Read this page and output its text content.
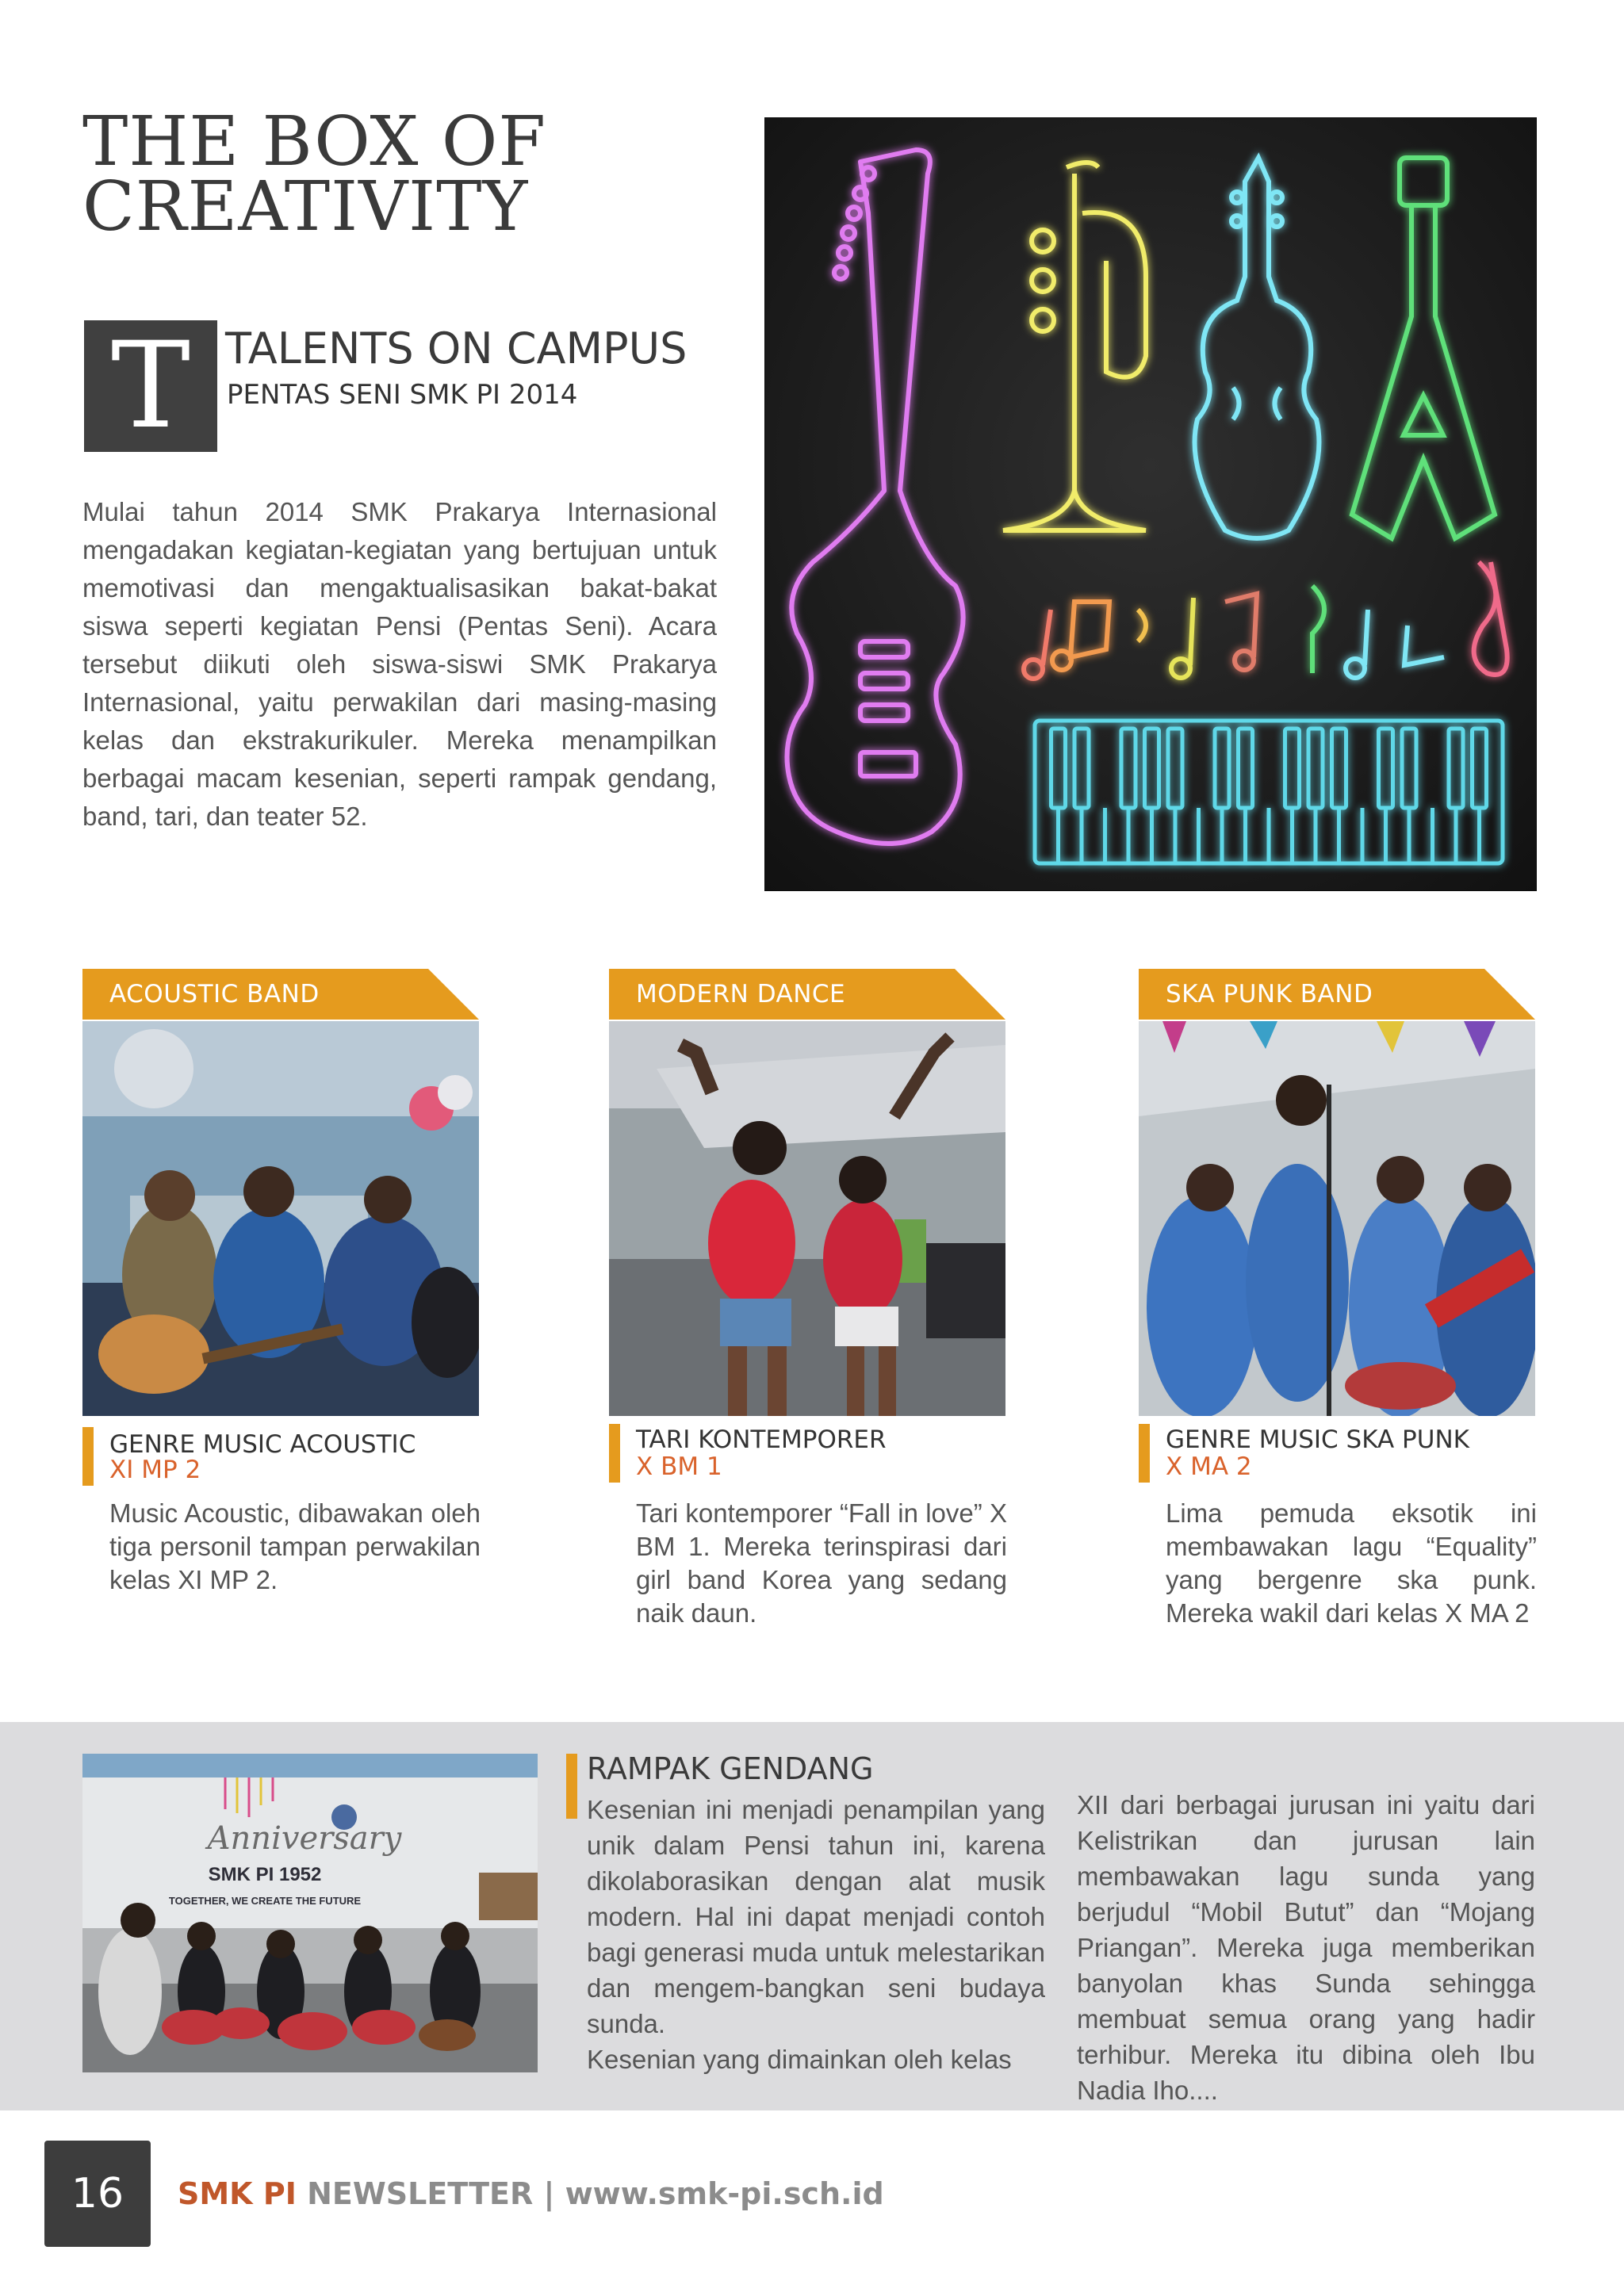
THE BOX OF
CREATIVITY
T TALENTS ON CAMPUS
PENTAS SENI SMK PI 2014

Mulai tahun 2014 SMK Prakarya Internasional mengadakan kegiatan-kegiatan yang bertujuan untuk memotivasi dan mengaktualisasikan bakat-bakat siswa seperti kegiatan Pensi (Pentas Seni). Acara tersebut diikuti oleh siswa-siswi SMK Prakarya Internasional, yaitu perwakilan dari masing-masing kelas dan ekstrakurikuler. Mereka menampilkan berbagai macam kesenian, seperti rampak gendang, band, tari, dan teater 52.

ACOUSTIC BAND
GENRE MUSIC ACOUSTIC
XI MP 2

Music Acoustic, dibawakan oleh tiga personil tampan perwakilan kelas XI MP 2.

MODERN DANCE
TARI KONTEMPORER
X BM 1

Tari kontemporer “Fall in love” X BM 1. Mereka terinspirasi dari girl band Korea yang sedang naik daun.

SKA PUNK BAND
GENRE MUSIC SKA PUNK
X MA 2

Lima pemuda eksotik ini membawakan lagu “Equality” yang bergenre ska punk. Mereka wakil dari kelas X MA 2

Anniversary
SMK PI 1952
TOGETHER, WE CREATE THE FUTURE
RAMPAK GENDANG

Kesenian ini menjadi penampilan yang unik dalam Pensi tahun ini, karena dikolaborasikan dengan alat musik modern. Hal ini dapat menjadi contoh bagi generasi muda untuk melestarikan dan mengem-bangkan seni budaya sunda.

Kesenian yang dimainkan oleh kelas

XII dari berbagai jurusan ini yaitu dari Kelistrikan dan jurusan lain membawakan lagu sunda yang berjudul “Mobil Butut” dan “Mojang Priangan”. Mereka juga memberikan banyolan khas Sunda sehingga membuat semua orang yang hadir terhibur. Mereka itu dibina oleh Ibu Nadia Iho....

16	SMK PI NEWSLETTER | www.smk-pi.sch.id
